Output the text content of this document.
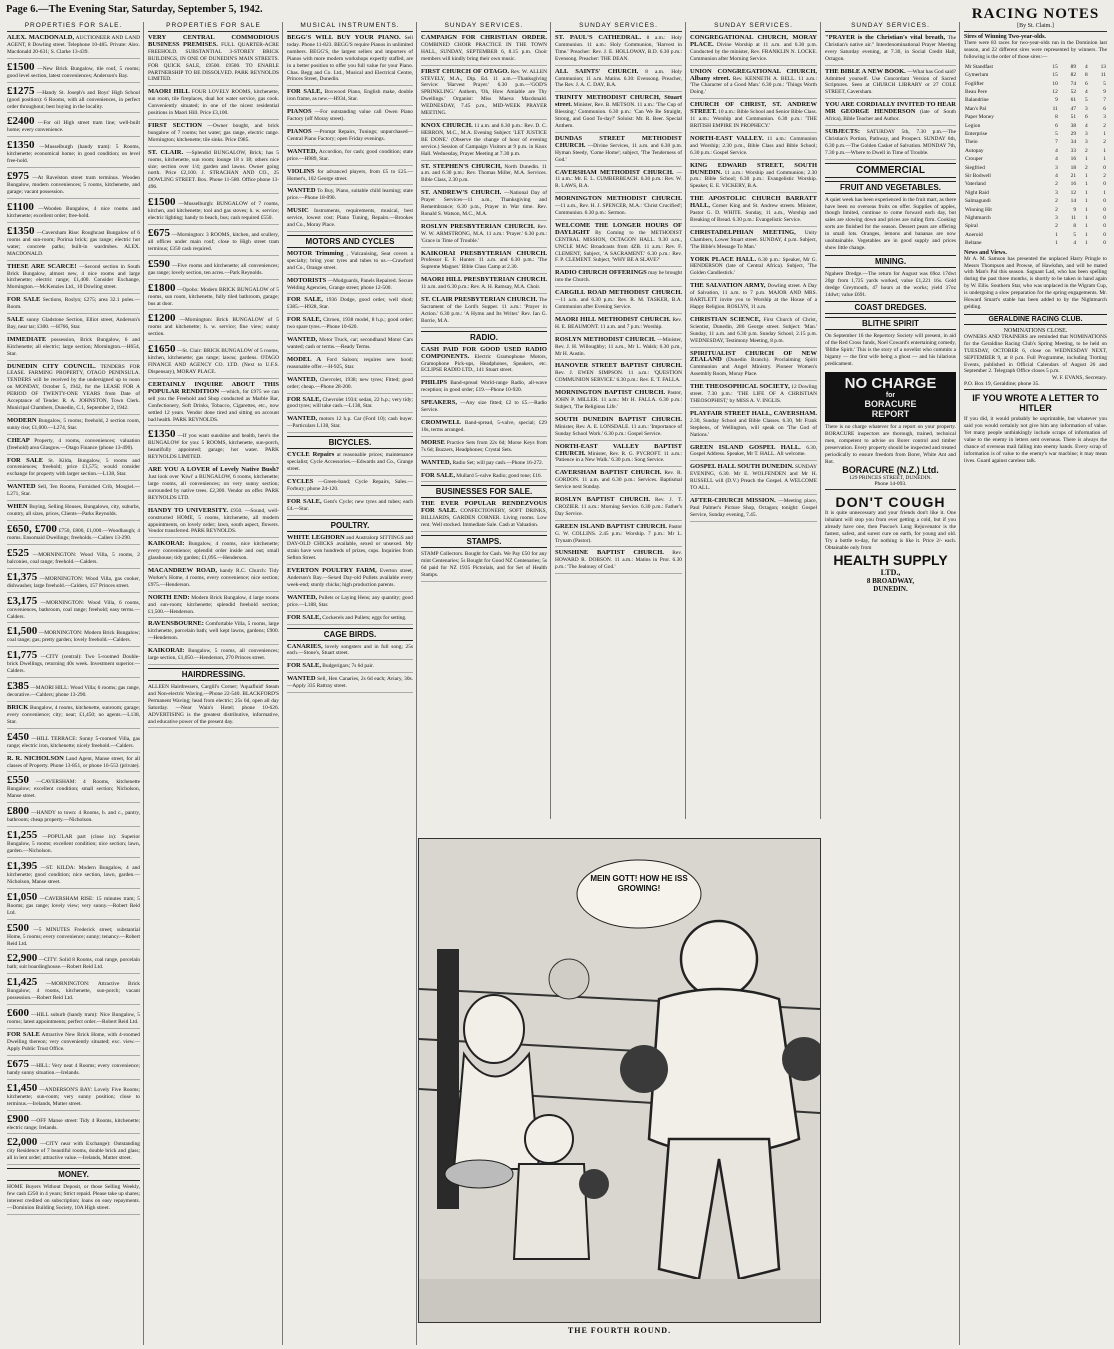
Page 6.—The Evening Star, Saturday, September 5, 1942.
PROPERTIES FOR SALE.
ALEX. MACDONALD, AUCTIONEER AND LAND AGENT, 8 Dowling street. Telephone 10-485. Private: Alex. Macdonald 20-631; S. Clarke 13-439.
£1500 —New Brick Bungalow, tile roof, 5 rooms; good level section, latest conveniences; Anderson's Bay.
£1275 —Handy St. Joseph's and Boys' High School (good position): 6 Rooms, with all conveniences, in perfect order throughout; best buying in the locality.
£2400 —For oil High street tram line; well-built home; every convenience.
£1350 —Musselburgh (handy tram): 5 Rooms, kitchenette; economical home; in good condition; on level free-hold.
£975 —At Ravelston street tram terminus. Wooden Bungalow, modern conveniences; 5 rooms, kitchenette, and garage; vacant possession.
£1100 —Wooden Bungalow, 4 nice rooms and kitchenette; excellent order; free-hold.
£1350 —Caversham Rise: Roughcast Bungalow of 6 rooms and sun-room; Porirua brick; gas range; electric hot water; concrete paths; built-in wardrobes. ALEX. MACDONALD.
THESE ARE SCARCE! —Second section in South Brick Bungalow, almost new, 4 nice rooms and large kitchenette; electric range; £1,400. Consider Exchange, Mornington.—McKenzies Ltd., 10 Dowling street.
FOR SALE Sections, Roslyn; £275; area 32.1 poles.—Room.
SALE sunny Gladstone Section, Elliot street, Anderson's Bay, near tar; £300. —H766, Star.
IMMEDIATE possession, Brick Bungalow, 6 and Kitchenette; all electric; large section; Mornington.—H654, Star.
DUNEDIN CITY COUNCIL. TENDERS FOR LEASE. FARMING PROPERTY, OTAGO PENINSULA. TENDERS will be received by the undersigned up to noon on MONDAY, October 5, 1942, for the LEASE FOR A PERIOD OF TWENTY-ONE YEARS from Date of Acceptance of Tender. R. A. JOHNSTON, Town Clerk. Municipal Chambers, Dunedin, C.1, September 2, 1942.
MODERN Bungalow, 5 rooms; freehold, 2 section room, sunny rise; £1,000.—L274, Star.
CHEAP Property, 4 rooms, conveniences; valuation (freehold) area Glasgow.—Otago Finance (phone 13-490).
FOR SALE St. Kilda, Bungalow, 5 rooms and conveniences; freehold; price £1,575; would consider exchange for property with larger section.—L138, Star.
WANTED Sell, Ten Rooms, Furnished Crib, Mosgiel.—L271, Star.
WHEN Buying, Selling Houses, Bungalows, city, suburbs, country, all sizes, prices, Clients—Parks Reynolds.
£650, £700 £750, £800, £1,000.—Woodhaugh; 4 rooms. Ensomaid Dwellings; freeholds.—Callers 13-290.
£525 —MORNINGTON: Wood Villa, 5 rooms, 2 balconies, coal range; freehold.—Calders.
£1,375 —MORNINGTON: Wood Villa, gas cooker, dishwasher, large freehold.—Calders, 157 Princes street.
£3,175 —MORNINGTON: Wood Villa, 6 rooms, conveniences, bathroom, coal range; freehold; easy terms.—Calders.
£1,500 —MORNINGTON: Modern Brick Bungalow; coal range; gas; pretty garden; lovely freehold.—Calders.
£1,775 —CITY (central): Two 5-roomed Double-brick Dwellings, returning 40s week. Investment superior.—Calders.
£385 —MAORI HILL: Wood Villa; 6 rooms; gas range, decorative.—Calders; phone 13-290.
BRICK Bungalow, 4 rooms, kitchenette, sunroom; garage; every convenience; city; near; £1,450; no agents.—L138, Star.
£450 —HILL TERRACE: Sunny 5-roomed Villa, gas range; electric iron, kitchenette; nicely freehold.—Calders.
R. R. NICHOLSON Land Agent, Manse street, for all classes of Property. Phone 13-851, or phone 16-553 (private).
£550 —CAVERSHAM: 4 Rooms, kitchenette Bungalow; excellent condition; small section; Nicholson, Manse street.
£800 —HANDY to town: 4 Rooms, h. and c., pantry, bathroom; cheap property.—Nicholson.
£1,255 —POPULAR part (close in): Superior Bungalow, 5 rooms; excellent condition; nice section; lawn, garden.—Nicholson.
£1,395 —ST. KILDA: Modern Bungalow, 4 and kitchenette; good condition; nice section, lawn, garden.—Nicholson, Manse street.
£1,050 —CAVERSHAM RISE: 15 minutes tram; 5 Rooms; gas range; lovely view; very sunny.—Robert Reid Ltd.
£500 —5 MINUTES Frederick street; substantial Home, 5 rooms; every convenience; sunny; tenancy.—Robert Reid Ltd.
£2,900 —CITY: Solid 8 Rooms, coal range, porcelain bath; suit boardinghouse.—Robert Reid Ltd.
£1,425 —MORNINGTON: Attractive Brick Bungalow; 4 rooms, kitchenette, sun-porch; vacant possession.—Robert Reid Ltd.
£600 —HILL suburb (handy tram): Nice Bungalow, 5 rooms; latest appointments; perfect order.—Robert Reid Ltd.
FOR SALE Attractive New Brick Home, with 4-roomed Dwelling thereon; very conveniently situated; exc. view.—Apply Public Trust Office.
£675 —HILL: Very neat 4 Rooms; every convenience; handy sunny situation.—Irelands.
£1,450 —ANDERSON'S BAY: Lovely Five Rooms; kitchenette; sun-room; very sunny position; close to terminus.—Irelands, Mutter street.
£900 —OFF Manse street: Tidy 4 Rooms, kitchenette; electric range; Irelands.
£2,000 —CITY near with Exchange): Outstanding city Residence of 7 beautiful rooms, double brick and glass; all in lent order; attractive value.—Irelands, Mutter street.
MONEY.
HOME Buyers Without Deposit, or those Selling Weekly, few cash £250 in 4 years; Strict repaid. Please take up shares; interest credited on subscription; loans on easy repayments.—Dominion Building Society, 10A High street.
PROPERTIES FOR SALE
VERY CENTRAL COMMODIOUS BUSINESS PREMISES. FULL QUARTER-ACRE FREEHOLD. SUBSTANTIAL 3-STOREY BRICK BUILDINGS, IN ONE OF DUNEDIN'S MAIN STREETS. FOR QUICK SALE, £9500. £9500. TO ENABLE PARTNERSHIP TO BE DISSOLVED. PARK REYNOLDS LIMITED.
MAORI HILL FOUR LOVELY ROOMS, kitchenette, sun room, tile fireplaces, dual hot water service, gas cook. Conveniently situated; in one of the nicest residential positions in Maori Hill. Price £3,100.
FIRST SECTION —Owner bought, and brick bungalow of 7 rooms; hot water; gas range, electric range. Mornington; kitchenette; tile sinks. Price £985.
ST. CLAIR. —Splendid BUNGALOW, Brick; has 5 rooms, kitchenette, sun room; lounge 18 x 18; others nice size; section over 1/4; garden and lawns. Owner going north. Price £2,100. J. STRACHAN AND CO., 25 DOWLING STREET. Box. Phone 11-580. Office phone 13-496.
£1500 —Musselburgh: BUNGALOW of 7 rooms, kitchen, and kitchenette; tool and gas stoves; h. w. service; electric lighting; handy to beach, bus; cash required £550.
£675 —Mornington: 3 ROOMS, kitchen, and scullery, all offices under main roof; close to High street tram terminus; £350 cash required.
£590 —Five rooms and kitchenette; all conveniences; gas range; lovely section, ten acres.—Park Reynolds.
£1800 —Opoho: Modern BRICK BUNGALOW of 5 rooms, sun room, kitchenette, fully tiled bathroom, garage; bus at door.
£1200 —Mornington: Brick BUNGALOW of 5 rooms and kitchenette; h. w. service; fine view; sunny section.
£1650 —St. Clair: BRICK BUNGALOW of 5 rooms, kitchen, kitchenette; gas range; lawns; gardens. OTAGO FINANCE AND AGENCY CO. LTD. (Next to U.F.S. Dispensary), MORAY PLACE.
CERTAINLY INQUIRE ABOUT THIS POPULAR RENDITION —which, for £975 we can sell you the Freehold and Shop conducted as Marble Bar, Confectionery, Soft Drinks, Tobacco, Cigarettes, etc., now settled 12 years. Vendor done tired and sitting on account bad health. PARK REYNOLDS.
£1350 —If you want sunshine and health, here's the BUNGALOW for you: 5 ROOMS, kitchenette, sun-porch, beautifully appointed; garage; hot water. PARK REYNOLDS LIMITED.
ARE YOU A LOVER of Lovely Native Bush? Just look over 'Kiwi' a BUNGALOW, 6 rooms, kitchenette; large rooms, all conveniences; on very sunny section; surrounded by native trees. £2,300. Vendor on offer. PARK REYNOLDS LTD.
HANDY TO UNIVERSITY. £950. —Sound, well-constructed HOME, 5 rooms, kitchenette, all modern appointments, on lovely order; lawn, south aspect, flowers. Vendor transferred. PARK REYNOLDS.
KAIKORAI: Bungalow, 4 rooms, nice kitchenette; every convenience; splendid order inside and out; small glasshouse; tidy garden; £1,095.—Henderson.
MACANDREW ROAD, handy R.C. Church: Tidy Worker's Home, 4 rooms, every convenience; nice section; £975.—Henderson.
NORTH END: Modern Brick Bungalow, 4 large rooms and sun-room; kitchenette; splendid freehold section; £1,500.—Henderson.
RAVENSBOURNE: Comfortable Villa, 5 rooms, large kitchenette, porcelain bath; well kept lawns, gardens; £900.—Henderson.
KAIKORAI: Bungalow, 5 rooms, all conveniences; large section, £1,050.—Henderson, 270 Princes street.
HAIRDRESSING.
ALLEEN Hairdressers, Cargill's Corner; 'Aquafluid' Steam and Non-electric Waving.—Phone 22-540. BLACKFORD'S Permanent Waving; head from electric; 25s 6d, open all day Saturday. —Near Wain's Hotel; phone 10-626. ADVERTISING is the greatest distributive, informative, and educative power of the present day.
MUSICAL INSTRUMENTS.
BEGG'S WILL BUY YOUR PIANO. Sell today. Phone 11-823. BEGG'S require Pianos in unlimited numbers. BEGG'S, the largest sellers and importers of Pianos with more modern workshops expertly staffed, are in a better position to offer you full value for your Piano. Chas. Begg and Co. Ltd., Musical and Electrical Centre, Princes Street, Dunedin.
FOR SALE, Boxwood Piano, English make, double iron frame, as new.—H934, Star.
PIANOS —For outstanding value call Owen Piano Factory (off Moray street).
PIANOS —Prompt Repairs, Tunings; unpurchased—Central Piano Factory; open Friday evenings.
WANTED, Accordion, for cash; good condition; state price.—H989, Star.
VIOLINS for advanced players, from £5 to £25.—Horner's, 102 George street.
WANTED To Buy, Piano, suitable child learning; state price.—Phone 18-090.
MUSIC Instruments, requirements, musical, best service, lowest cost; Piano Tuning, Repairs.—Brookes and Co., Moray Place.
MOTORS AND CYCLES
MOTOR Trimming , Vulcanising, Seat covers a specialty; bring your tyres and tubes to us.—Crawford and Co., Orange street.
MOTORISTS —Mudguards, Panels Repaired. Secure Welding Agencies, Grange street; phone 12-500.
FOR SALE, 1936 Dodge, good order, well shod; £385.—H928, Star.
FOR SALE, Citroen, 1938 model, 8 h.p.; good order; two spare tyres.—Phone 10-620.
WANTED, Motor Truck, car; secondhand Motor Cars wanted; cash or terms.—Ready Terms.
MODEL A Ford Saloon; requires new hood; reasonable offer.—H-925, Star.
WANTED, Chevrolet, 1938; new tyres; Fitted; good order; cheap.—Phone 28-200.
FOR SALE, Chevrolet 1934; sedan, 22 h.p.; very tidy; good tyres; will take cash.—L138, Star.
WANTED, motors 12 h.p. Car (Ford 10); cash buyer.—Particulars L138, Star.
BICYCLES.
CYCLE Repairs at reasonable prices; maintenance specialist; Cycle Accessories.—Edwards and Co., Grange street.
CYCLES —Green-band; Cycle Repairs, Sales.—Forbury; phone 24-120.
FOR SALE, Gent's Cycle; new tyres and tubes; each £4.—Star.
POULTRY.
WHITE LEGHORN and Australorp SITTINGS and DAY-OLD CHICKS available, sexed or unsexed. My strain have won hundreds of prizes, cups. Inquiries from Sefton Street.
EVERTON POULTRY FARM, Everton street, Anderson's Bay.—Sexed Day-old Pullets available every week-end; sturdy chicks; high production parents.
WANTED, Pullets or Laying Hens; any quantity; good price.—L188, Star.
FOR SALE, Cockerels and Pullets; eggs for setting.
CAGE BIRDS.
CANARIES, lovely songsters and in full song; 25s each.—Stone's, Stuart street.
FOR SALE, Budgerigars; 7s 6d pair.
WANTED Sell, Hen Canaries, 2s 6d each; Aviary, 30s.—Apply 335 Rattray street.
SUNDAY SERVICES.
CAMPAIGN FOR CHRISTIAN ORDER. COMBINED CHOIR PRACTICE IN THE TOWN HALL, SUNDAY, SEPTEMBER 6, 8.15 p.m. Choir members will kindly bring their own music.
FIRST CHURCH OF OTAGO. Rev. W. ALLEN STEVELY, M.A., Dip. Ed. 11 a.m.—Thanksgiving Service: 'Harvest Prayer.' 6.30 p.m.—'GOD'S SPRINKLING.' Anthem, 'Oh, How Amiable are Thy Dwellings.' Organist: Miss Maeva Macdonald. WEDNESDAY, 7.45 p.m., MID-WEEK PRAYER MEETING.
KNOX CHURCH. 11 a.m. and 6.30 p.m.: Rev. D. C. HERRON, M.C., M.A. Evening Subject: 'LET JUSTICE BE DONE.' (Observe the change of hour of evening service.) Session of Campaign Visitors at 9 p.m. in Knox Hall. Wednesday, Prayer Meeting at 7.30 p.m.
ST. STEPHEN'S CHURCH, North Dunedin. 11 a.m. and 6.30 p.m.: Rev. Thomas Miller, M.A. Services. Bible Class, 2.30 p.m.
ST. ANDREW'S CHURCH. —National Day of Prayer Services—11 a.m., Thanksgiving and Remembrance; 6.30 p.m., Prayer in War time. Rev. Ronald S. Watson, M.C., M.A.
ROSLYN PRESBYTERIAN CHURCH. Rev. W. W. ARMSTRONG, M.A. 11 a.m.: 'Prayer.' 6.30 p.m.: 'Grace in Time of Trouble.'
KAIKORAI PRESBYTERIAN CHURCH. Professor E. F. Hunter. 11 a.m. and 6.30 p.m.: 'The Supreme Magnet.' Bible Class Camp at 2.30.
MAORI HILL PRESBYTERIAN CHURCH. 11 a.m. and 6.30 p.m.: Rev. A. H. Ramsay, M.A. Choir.
ST. CLAIR PRESBYTERIAN CHURCH. The Sacrament of the Lord's Supper. 11 a.m.: 'Prayer in Action.' 6.30 p.m.: 'A Hymn and Its Writer.' Rev. Ian G. Borrie, M.A.
RADIO.
CASH PAID FOR GOOD USED RADIO COMPONENTS. Electric Gramophone Motors, Gramophone Pick-ups, Headphones, Speakers, etc. ECLIPSE RADIO LTD., 141 Stuart street.
PHILIPS Band-spread World-range Radio, all-wave reception; in good order; £19.—Phone 10-920.
SPEAKERS, —Any size fitted; £2 to £5.—Radio Service.
CROMWELL Band-spread, 5-valve, special; £29 10s, terms arranged.
MORSE Practice Sets from 22s 6d; Morse Keys from 7s 6d; Buzzers, Headphones; Crystal Sets.
WANTED, Radio Set; will pay cash.—Phone 16-272.
FOR SALE, Mullard 5-valve Radio; good tone; £16.
BUSINESSES FOR SALE.
THE EVER POPULAR RENDEZVOUS FOR SALE. CONFECTIONERY, SOFT DRINKS, BILLIARDS, GARDEN CORNER. Living rooms. Low rent. Well stocked. Immediate Sale. Cash at Valuation.
STAMPS.
STAMP Collectors. Bought for Cash. We Pay £50 for any mint Centenaries; 5s Bought for Good NZ Centenaries; 5s 6d paid for NZ 1935 Pictorials, and for Set of Health Stamps.
SUNDAY SERVICES.
ST. PAUL'S CATHEDRAL. 8 a.m.: Holy Communion. 11 a.m.: Holy Communion, 'Harvest in Time.' Preacher: Rev. J. E. HOLLOWAY, B.D. 6.30 p.m.: Evensong. Preacher: THE DEAN.
ALL SAINTS' CHURCH. 8 a.m. Holy Communion; 11 a.m. Matins. 6.30: Evensong. Preacher, The Rev. J. A. C. DAY, B.A.
TRINITY METHODIST CHURCH, Stuart street. Minister, Rev. B. METSON. 11 a.m.: 'The Cup of Blessing.' Communion. 6.30 p.m.: 'Can We Be Straight, Strong, and Good To-day?' Soloist: Mr. R. Beer. Special Anthem.
DUNDAS STREET METHODIST CHURCH. —Divine Services, 11 a.m. and 6.30 p.m. Hyman Steedy, 'Come Home'; subject, 'The Tenderness of God.'
CAVERSHAM METHODIST CHURCH. —11 a.m.: Mr. E. L. CUMBERBEACH. 6.30 p.m.: Rev. W. R. LAWS, B.A.
MORNINGTON METHODIST CHURCH. —11 a.m., Rev. H. J. SPENCER, M.A.: 'Christ Crucified'; Communion. 6.30 p.m.: Sermon.
WELCOME THE LONGER HOURS OF DAYLIGHT By Coming to the METHODIST CENTRAL MISSION, OCTAGON HALL. 9.30 a.m., UNCLE MAC Broadcasts from 4ZB. 11 a.m.: Rev. F. CLEMENT, Subject, 'A SACRAMENT.' 6.30 p.m.: Rev. F. P. CLEMENT. Subject, 'WHY BE A SLAVE?'
RADIO CHURCH OFFERINGS may be brought into the Church.
CARGILL ROAD METHODIST CHURCH. —11 a.m. and 6.30 p.m.: Rev. R. M. TASKER, B.A. Communion after Evening Service.
MAORI HILL METHODIST CHURCH. Rev. H. E. BEAUMONT. 11 a.m. and 7 p.m.: Worship.
ROSLYN METHODIST CHURCH. —Minister, Rev. J. H. Willoughby; 11 a.m., Mr L. Walsh; 6.30 p.m., Mr H. Austin.
HANOVER STREET BAPTIST CHURCH. Rev. J. EWEN SIMPSON. 11 a.m.: 'QUESTION COMMUNION SERVICE.' 6.30 p.m.: Rev. E. T. FALLA.
MORNINGTON BAPTIST CHURCH. Pastor, JOHN P. MILLER. 11 a.m.: Mr H. FALLA. 6.30 p.m.: Subject, 'The Religious Life.'
SOUTH DUNEDIN BAPTIST CHURCH. Minister, Rev. A. E. LONSDALE. 11 a.m.: 'Importance of Sunday School Work.' 6.30 p.m.: Gospel Service.
NORTH-EAST VALLEY BAPTIST CHURCH. Minister, Rev. R. G. PYCROFT. 11 a.m.: 'Patience in a New Walk.' 6.30 p.m.: Song Service.
CAVERSHAM BAPTIST CHURCH. Rev. R. GORDON. 11 a.m. and 6.30 p.m.: Services. Baptismal Service next Sunday.
ROSLYN BAPTIST CHURCH. Rev. J. T. CROZIER. 11 a.m.: Morning Service. 6.30 p.m.: Father's Day Service.
GREEN ISLAND BAPTIST CHURCH. Pastor G. W. COLLINS. 2.45 p.m.: Worship. 7 p.m.: Mr L. Trynam (Pastor).
SUNSHINE BAPTIST CHURCH. Rev. HOWARD R. DOBSON. 11 a.m.: Matins in Pror. 6.30 p.m.: 'The Jealousy of God.'
SUNDAY SERVICES.
CONGREGATIONAL CHURCH, MORAY PLACE. Divine Worship at 11 a.m. and 6.30 p.m. Conducted by the minister, Rev. FRANKLIN N. LOCKE. Communion after Morning Service.
UNION CONGREGATIONAL CHURCH, Albany street. Rev. KENNETH A. BELL. 11 a.m.: 'The Character of a Good Man.' 6.30 p.m.: 'Things Worth Doing.'
CHURCH OF CHRIST, ST. ANDREW STREET. 10 a.m.: Bible School and Senior Bible Class. 11 a.m.: Worship and Communion. 6.30 p.m.: 'THE BRITISH EMPIRE IN PROPHECY.'
NORTH-EAST VALLEY. 11 a.m.: Communion and Worship; 2.30 p.m., Bible Class and Bible School; 6.30 p.m.: Gospel Service.
KING EDWARD STREET, SOUTH DUNEDIN. 11 a.m.: Worship and Communion; 2.30 p.m.: Bible School; 6.30 p.m.: Evangelistic Worship. Speaker, E. E. VICKERY, B.A.
THE APOSTOLIC CHURCH BARRATT HALL, Corner King and St. Andrew streets. Minister, Pastor G. D. WHITE. Sunday, 11 a.m., Worship and Breaking of Bread. 6.30 p.m.: Evangelistic Service.
CHRISTADELPHIAN MEETING, Unity Chambers, Lower Stuart street. SUNDAY, 4 p.m. Subject, 'The Bible's Message To Man.'
YORK PLACE HALL. 6.30 p.m.: Speaker, Mr G. HENDERSON (late of Central Africa). Subject, 'The Golden Candlestick.'
THE SALVATION ARMY, Dowling street. A Day of Salvation, 11 a.m. to 7 p.m. MAJOR AND MRS. BARTLETT invite you to Worship at the House of a Happy Religion. ROSLYN, 11 a.m.
CHRISTIAN SCIENCE, First Church of Christ, Scientist, Dunedin, 286 George street. Subject: 'Man.' Sunday, 11 a.m. and 6.30 p.m. Sunday School, 2.15 p.m. WEDNESDAY, Testimony Meeting, 8 p.m.
SPIRITUALIST CHURCH OF NEW ZEALAND (Dunedin Branch). Proclaiming Spirit Communion and Angel Ministry. Pioneer Women's Assembly Room, Moray Place.
THE THEOSOPHICAL SOCIETY, 12 Dowling street. 7.30 p.m.: 'THE LIFE OF A CHRISTIAN THEOSOPHIST,' by MISS A. V. INGLIS.
PLAYFAIR STREET HALL, CAVERSHAM. 2.30, Sunday School and Bible Classes. 6.30, Mr Frank Stephens, of Wellington, will speak on 'The God of Nations.'
GREEN ISLAND GOSPEL HALL. 6.30, Gospel Address. Speaker, Mr T. HALL. All welcome.
GOSPEL HALL SOUTH DUNEDIN. SUNDAY EVENING, 6.30. Mr E. WOLFENDEN and Mr H. RUSSELL will (D.V.) Preach the Gospel. A WELCOME TO ALL.
AFTER-CHURCH MISSION. —Meeting place, Paul Palmer's Picture Shop, Octagon; tonight: Gospel Service, Sunday evening, 7.45.
MEIN GOTT! HOW HE ISS GROWING!
THE FOURTH ROUND.
SUNDAY SERVICES.
"PRAYER is the Christian's vital breath, The Christian's native air." Interdenominational Prayer Meeting every Saturday evening, at 7.30, in Social Credit Hall, Octagon.
THE BIBLE A NEW BOOK. —What has God said? Admitted yourself. Use Concordant Version of Sacred Scriptures. Seen at CHURCH LIBRARY or 27 COLE STREET, Caversham.
YOU ARE CORDIALLY INVITED TO HEAR MR GEORGE HENDERSON (late of South Africa), Bible Teacher and Author.
SUBJECTS: SATURDAY 5th, 7.30 p.m.—The Christian's Portion, Pathway, and Prospect. SUNDAY 6th, 6.30 p.m.—The Golden Casket of Salvation. MONDAY 7th, 7.30 p.m.—Where to Dwell in Time of Trouble.
COMMERCIAL
FRUIT AND VEGETABLES.
A quiet week has been experienced in the fruit mart, as there have been no overseas fruits on offer. Supplies of apples, though limited, continue to come forward each day, but sales are slowing down and prices are ruling firm. Cooking sorts are finished for the season. Dessert pears are offering in small lots. Oranges, lemons and bananas are now unobtainable. Vegetables are in good supply and prices show little change.
MINING.
Ngahere Dredge.—The return for August was 69oz 17dwt 20gr from 1,725 yards worked, value £1,221 16s. Gold dredge Greymouth, 47 hours at the works; yield 37oz 14dwt; value £691.
COAST DREDGES.
BLITHE SPIRIT
On September 16 the Repertory Society will present, in aid of the Red Cross funds, Noel Coward's entertaining comedy, 'Blithe Spirit.' This is the story of a novelist who commits a bigamy — the first wife being a ghost — and his hilarious predicament.
NO CHARGE
for
BORACURE
REPORT
There is no charge whatever for a report on your property. BORACURE inspectors are thorough, trained, technical men, competent to advise on Borer control and timber preservation. Every property should be inspected and treated periodically to ensure freedom from Borer, White Ant and Rot.
BORACURE (N.Z.) Ltd.
129 PRINCES STREET, DUNEDIN.
Phone 14-093.
DON'T COUGH
It is quite unnecessary and your friends don't like it. One inhalant will stop you from ever getting a cold, but if you already have one, then Pascoe's Lung Rejuvenator is the fastest, safest, and surest cure on earth, for young and old. Try a bottle to-day, for nothing is like it. Price 2/- each. Obtainable only from
HEALTH SUPPLY
LTD.,
8 BROADWAY,
DUNEDIN.
RACING NOTES
[By St. Claim.]
Sires of Winning Two-year-olds.
There were 83 races for two-year-olds run in the Dominion last season, and 22 different sires were represented by winners. The following is the order of those sires:—
Mr Standfast	15	89	4	13
Gymerlum	15	82	8	11
Foglifter	10	74	6	5
Beau Pere	12	52	4	9
Balandrine	9	61	5	7
Man's Pal	11	47	3	6
Paper Money	8	51	6	3
Legion	6	38	4	2
Enterprise	5	29	3	1
Theio	7	34	3	2
Autopay	4	33	2	1
Crouper	4	16	1	1
Siegfried	3	18	2	0
Sir Bodwell	4	21	1	2
Vaterland	2	16	1	0
Night Raid	3	12	1	1
Salmagundi	2	14	1	0
Winning Hit	2	9	1	0
Nightmarch	3	11	1	0
Spiral	2	8	1	0
Aneroid	1	5	1	0
Beltane	1	4	1	0
News and Views.
Mr A. M. Samson has presented the unplaced Harry Pringle to Messrs Thompson and Prowse, of Hawkdun, and will be mated with Man's Pal this season. Saguant Lad, who has been spelling during the past three months, is shortly to be taken in hand again by W. Ellis. Southern Star, who was unplaced in the Wigram Cup, is undergoing a slow preparation for the spring engagements. Mr. Howard Smart's stable has been added to by the Nightmarch gelding.
GERALDINE RACING CLUB.
NOMINATIONS CLOSE.
OWNERS AND TRAINERS are reminded that NOMINATIONS for the Geraldine Racing Club's Spring Meeting, to be held on TUESDAY, OCTOBER 6, close on WEDNESDAY NEXT, SEPTEMBER 9, at 8 p.m. Full Programme, including Trotting Events, published in Official Calendars of August 26 and September 2. Telegraph Office closes 5 p.m.
W. F. EVANS, Secretary.
P.O. Box 19, Geraldine; phone 35.
IF YOU WROTE A LETTER TO HITLER
If you did, it would probably be unprintable, but whatever you said you would certainly not give him any information of value. Yet many people unthinkingly include scraps of information of value to the enemy in letters sent overseas. There is always the chance of overseas mail falling into enemy hands. Every scrap of information is of value to the enemy's war machine; it may mean lives. Guard against careless talk.
